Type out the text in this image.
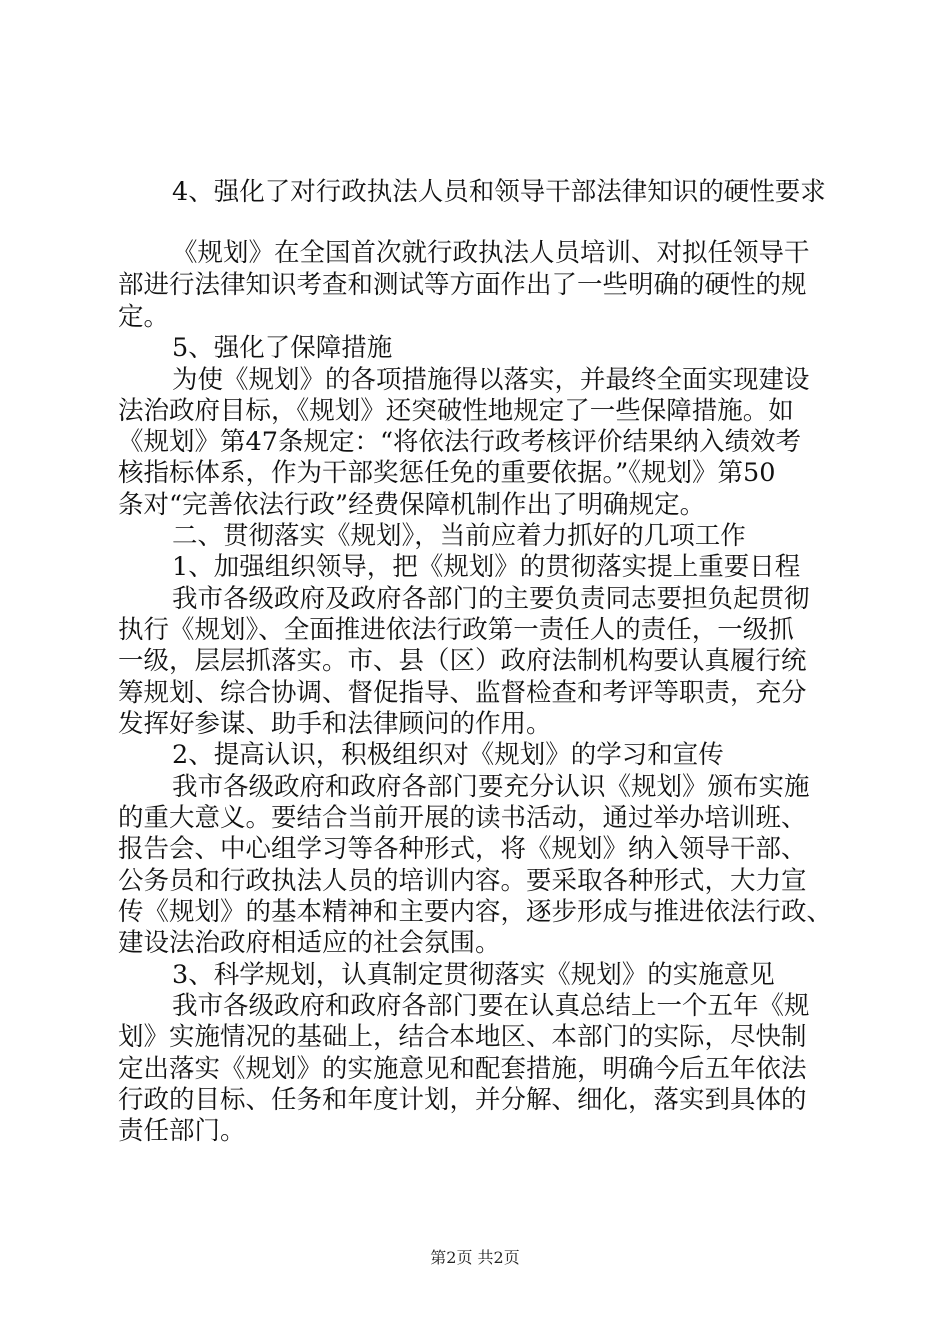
4、强化了对行政执法人员和领导干部法律知识的硬性要求
《规划》在全国首次就行政执法人员培训、对拟任领导干
部进行法律知识考查和测试等方面作出了一些明确的硬性的规
定。
5、强化了保障措施
为使《规划》的各项措施得以落实，并最终全面实现建设
法治政府目标，《规划》还突破性地规定了一些保障措施。如
《规划》第47条规定：“将依法行政考核评价结果纳入绩效考
核指标体系，作为干部奖惩任免的重要依据。”《规划》第50
条对“完善依法行政”经费保障机制作出了明确规定。
二、贯彻落实《规划》，当前应着力抓好的几项工作
1、加强组织领导，把《规划》的贯彻落实提上重要日程
我市各级政府及政府各部门的主要负责同志要担负起贯彻
执行《规划》、全面推进依法行政第一责任人的责任，一级抓
一级，层层抓落实。市、县（区）政府法制机构要认真履行统
筹规划、综合协调、督促指导、监督检查和考评等职责，充分
发挥好参谋、助手和法律顾问的作用。
2、提高认识，积极组织对《规划》的学习和宣传
我市各级政府和政府各部门要充分认识《规划》颁布实施
的重大意义。要结合当前开展的读书活动，通过举办培训班、
报告会、中心组学习等各种形式，将《规划》纳入领导干部、
公务员和行政执法人员的培训内容。要采取各种形式，大力宣
传《规划》的基本精神和主要内容，逐步形成与推进依法行政、
建设法治政府相适应的社会氛围。
3、科学规划，认真制定贯彻落实《规划》的实施意见
我市各级政府和政府各部门要在认真总结上一个五年《规
划》实施情况的基础上，结合本地区、本部门的实际，尽快制
定出落实《规划》的实施意见和配套措施，明确今后五年依法
行政的目标、任务和年度计划，并分解、细化，落实到具体的
责任部门。
第2页 共2页
